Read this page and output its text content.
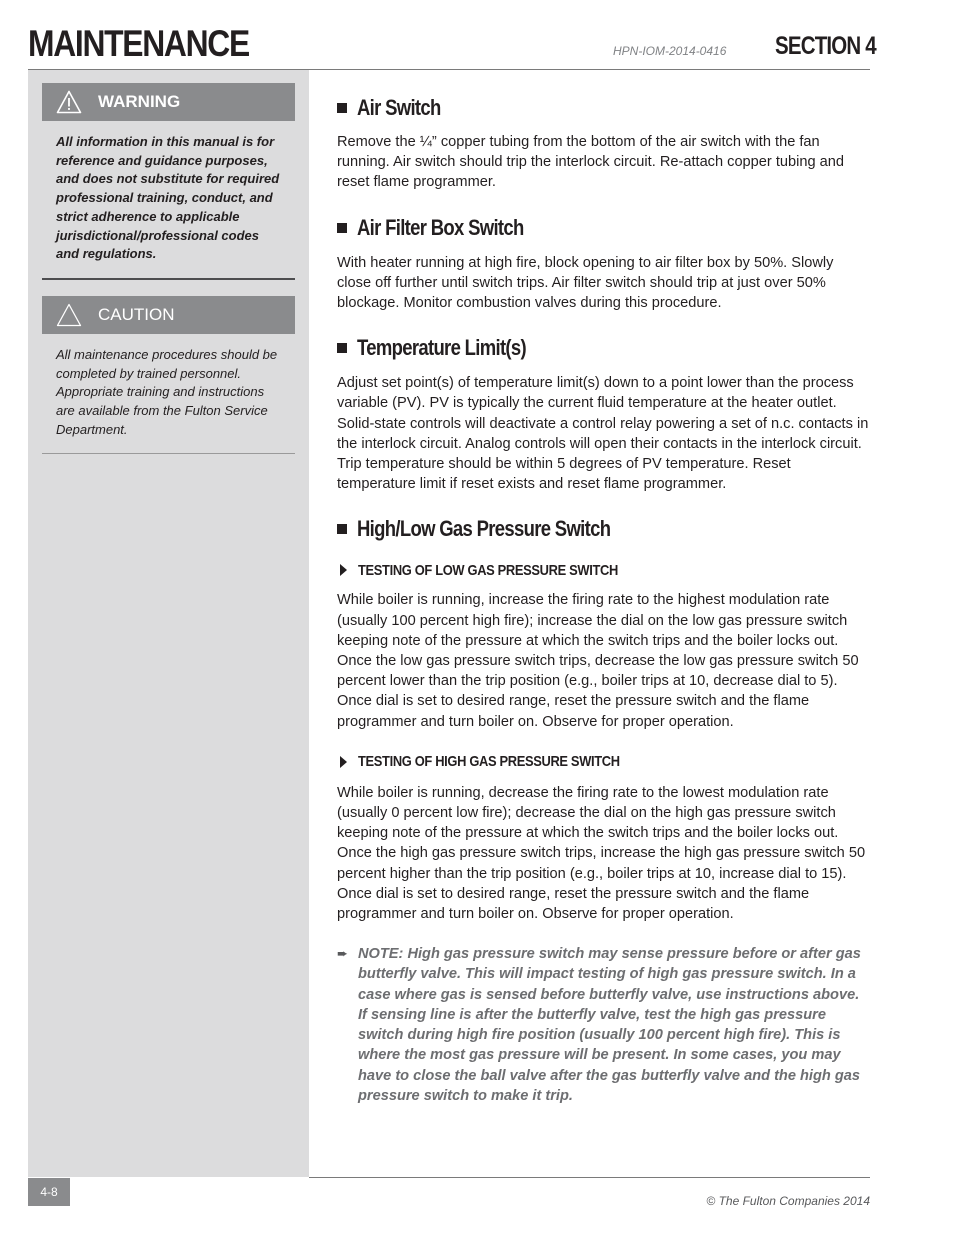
MAINTENANCE	HPN-IOM-2014-0416 SECTION 4
WARNING

All information in this manual is for reference and guidance purposes, and does not substitute for required professional training, conduct, and strict adherence to applicable jurisdictional/professional codes and regulations.

CAUTION

All maintenance procedures should be completed by trained personnel. Appropriate training and instructions are available from the Fulton Service Department.

Air Switch

Remove the ¼” copper tubing from the bottom of the air switch with the fan running. Air switch should trip the interlock circuit. Re-attach copper tubing and reset flame programmer.

Air Filter Box Switch

With heater running at high fire, block opening to air filter box by 50%. Slowly close off further until switch trips. Air filter switch should trip at just over 50% blockage. Monitor combustion valves during this procedure.

Temperature Limit(s)

Adjust set point(s) of temperature limit(s) down to a point lower than the process variable (PV). PV is typically the current fluid temperature at the heater outlet. Solid-state controls will deactivate a control relay powering a set of n.c. contacts in the interlock circuit. Analog controls will open their contacts in the interlock circuit. Trip temperature should be within 5 degrees of PV temperature. Reset temperature limit if reset exists and reset flame programmer.

High/Low Gas Pressure Switch
TESTING OF LOW GAS PRESSURE SWITCH

While boiler is running, increase the firing rate to the highest modulation rate (usually 100 percent high fire); increase the dial on the low gas pressure switch keeping note of the pressure at which the switch trips and the boiler locks out. Once the low gas pressure switch trips, decrease the low gas pressure switch 50 percent lower than the trip position (e.g., boiler trips at 10, decrease dial to 5). Once dial is set to desired range, reset the pressure switch and the flame programmer and turn boiler on. Observe for proper operation.

TESTING OF HIGH GAS PRESSURE SWITCH

While boiler is running, decrease the firing rate to the lowest modulation rate (usually 0 percent low fire); decrease the dial on the high gas pressure switch keeping note of the pressure at which the switch trips and the boiler locks out. Once the high gas pressure switch trips, increase the high gas pressure switch 50 percent higher than the trip position (e.g., boiler trips at 10, increase dial to 15). Once dial is set to desired range, reset the pressure switch and the flame programmer and turn boiler on. Observe for proper operation.

➨ NOTE: High gas pressure switch may sense pressure before or after gas butterfly valve. This will impact testing of high gas pressure switch. In a case where gas is sensed before butterfly valve, use instructions above. If sensing line is after the butterfly valve, test the high gas pressure switch during high fire position (usually 100 percent high fire). This is where the most gas pressure will be present. In some cases, you may have to close the ball valve after the gas butterfly valve and the high gas pressure switch to make it trip.
4-8
© The Fulton Companies 2014
